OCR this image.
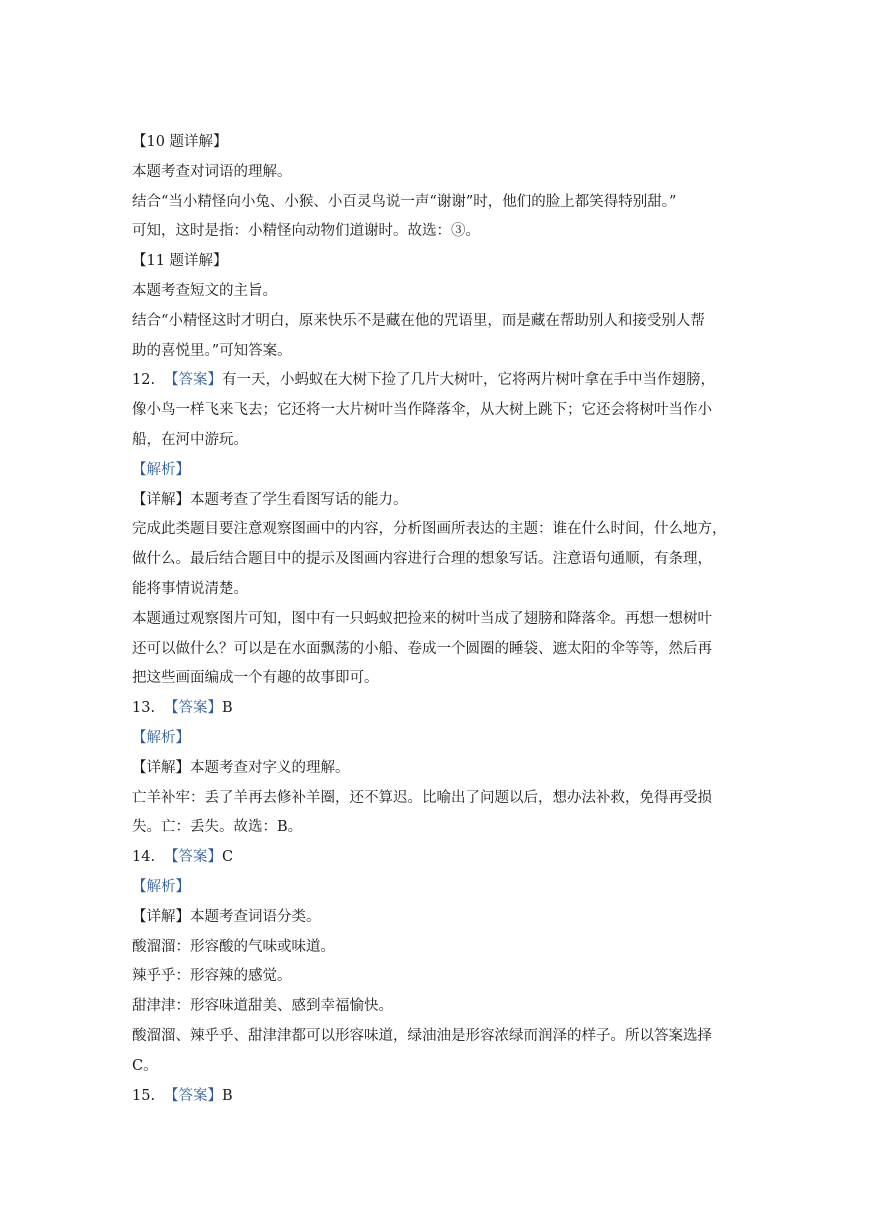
【10 题详解】
本题考查对词语的理解。
结合“当小精怪向小兔、小猴、小百灵鸟说一声“谢谢”时，他们的脸上都笑得特别甜。”
可知，这时是指：小精怪向动物们道谢时。故选：③。
【11 题详解】
本题考查短文的主旨。
结合“小精怪这时才明白，原来快乐不是藏在他的咒语里，而是藏在帮助别人和接受别人帮
助的喜悦里。”可知答案。
12. 【答案】有一天，小蚂蚁在大树下捡了几片大树叶，它将两片树叶拿在手中当作翅膀，
像小鸟一样飞来飞去；它还将一大片树叶当作降落伞，从大树上跳下；它还会将树叶当作小
船，在河中游玩。
【解析】
【详解】本题考查了学生看图写话的能力。
完成此类题目要注意观察图画中的内容，分析图画所表达的主题：谁在什么时间，什么地方，
做什么。最后结合题目中的提示及图画内容进行合理的想象写话。注意语句通顺，有条理，
能将事情说清楚。
本题通过观察图片可知，图中有一只蚂蚁把捡来的树叶当成了翅膀和降落伞。再想一想树叶
还可以做什么？可以是在水面飘荡的小船、卷成一个圆圈的睡袋、遮太阳的伞等等，然后再
把这些画面编成一个有趣的故事即可。
13. 【答案】B
【解析】
【详解】本题考查对字义的理解。
亡羊补牢：丢了羊再去修补羊圈，还不算迟。比喻出了问题以后，想办法补救，免得再受损
失。亡：丢失。故选：B。
14. 【答案】C
【解析】
【详解】本题考查词语分类。
酸溜溜：形容酸的气味或味道。
辣乎乎：形容辣的感觉。
甜津津：形容味道甜美、感到幸福愉快。
酸溜溜、辣乎乎、甜津津都可以形容味道，绿油油是形容浓绿而润泽的样子。所以答案选择
C。
15. 【答案】B
